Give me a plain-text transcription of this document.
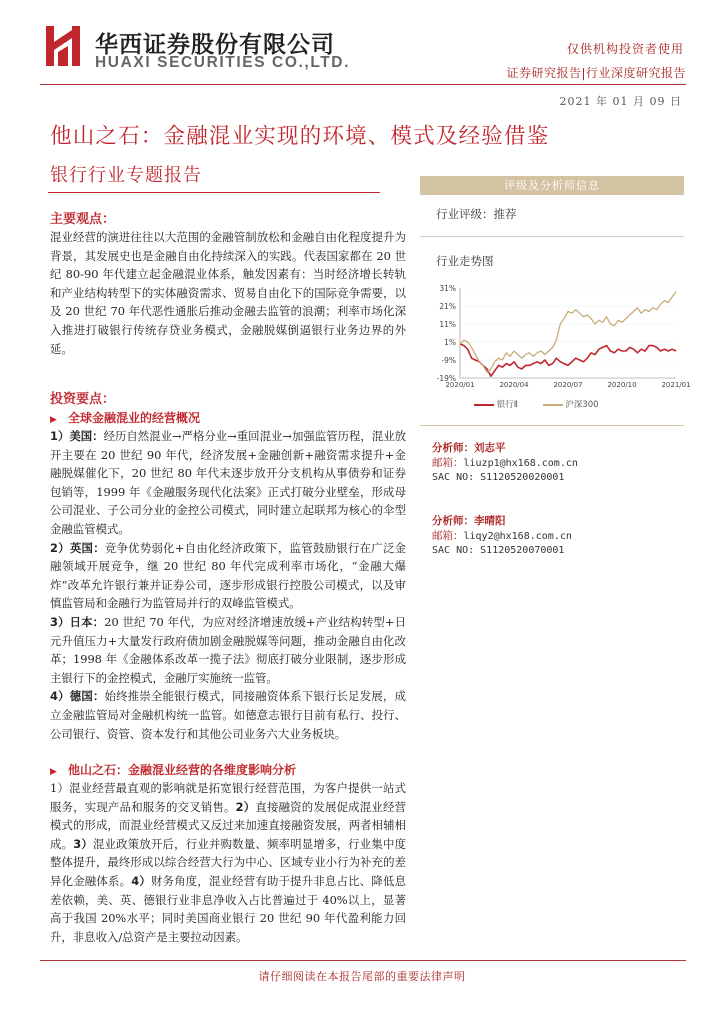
华西证券股份有限公司
HUAXI SECURITIES CO.,LTD.
仅供机构投资者使用
证券研究报告|行业深度研究报告
2021 年 01 月 09 日
他山之石：金融混业实现的环境、模式及经验借鉴
银行行业专题报告
主要观点：
混业经营的演进往往以大范围的金融管制放松和金融自由化程度提升为背景，其发展史也是金融自由化持续深入的实践。代表国家都在 20 世纪 80-90 年代建立起金融混业体系，触发因素有：当时经济增长转轨和产业结构转型下的实体融资需求、贸易自由化下的国际竞争需要，以及 20 世纪 70 年代恶性通胀后推动金融去监管的浪潮；利率市场化深入推进打破银行传统存贷业务模式，金融脱媒倒逼银行业务边界的外延。
投资要点：
▶ 全球金融混业的经营概况
1）美国：经历自然混业→严格分业→重回混业→加强监管历程，混业放开主要在 20 世纪 90 年代，经济发展+金融创新+融资需求提升+金融脱媒催化下，20 世纪 80 年代末逐步放开分支机构从事债券和证券包销等，1999 年《金融服务现代化法案》正式打破分业壁垒，形成母公司混业、子公司分业的金控公司模式，同时建立起联邦为核心的伞型金融监管模式。
2）英国：竞争优势弱化+自由化经济政策下，监管鼓励银行在广泛金融领域开展竞争，继 20 世纪 80 年代完成利率市场化，“金融大爆炸”改革允许银行兼并证券公司，逐步形成银行控股公司模式，以及审慎监管局和金融行为监管局并行的双峰监管模式。
3）日本：20 世纪 70 年代，为应对经济增速放缓+产业结构转型+日元升值压力+大量发行政府债加剧金融脱媒等问题，推动金融自由化改革；1998 年《金融体系改革一揽子法》彻底打破分业限制，逐步形成主银行下的金控模式，金融厅实施统一监管。
4）德国：始终推崇全能银行模式，同接融资体系下银行长足发展，成立金融监管局对金融机构统一监管。如德意志银行目前有私行、投行、公司银行、资管、资本发行和其他公司业务六大业务板块。
▶ 他山之石：金融混业经营的各维度影响分析
1）混业经营最直观的影响就是拓宽银行经营范围，为客户提供一站式服务，实现产品和服务的交叉销售。2）直接融资的发展促成混业经营模式的形成，而混业经营模式又反过来加速直接融资发展，两者相辅相成。3）混业政策放开后，行业并购数量、频率明显增多，行业集中度整体提升，最终形成以综合经营大行为中心、区域专业小行为补充的差异化金融体系。4）财务角度，混业经营有助于提升非息占比、降低息差依赖，美、英、德银行业非息净收入占比普遍过于 40%以上，显著高于我国 20%水平；同时美国商业银行 20 世纪 90 年代盈利能力回升，非息收入/总资产是主要拉动因素。
评级及分析师信息
行业评级：推荐
行业走势图
31%
21%
11%
1%
-9%
-19%
2020/01	2020/04	2020/07	2020/10	2021/01
银行Ⅱ	沪深300
分析师：刘志平
邮箱：liuzp1@hx168.com.cn
SAC NO: S1120520020001
分析师：李晴阳
邮箱：liqy2@hx168.com.cn
SAC NO: S1120520070001
请仔细阅读在本报告尾部的重要法律声明
